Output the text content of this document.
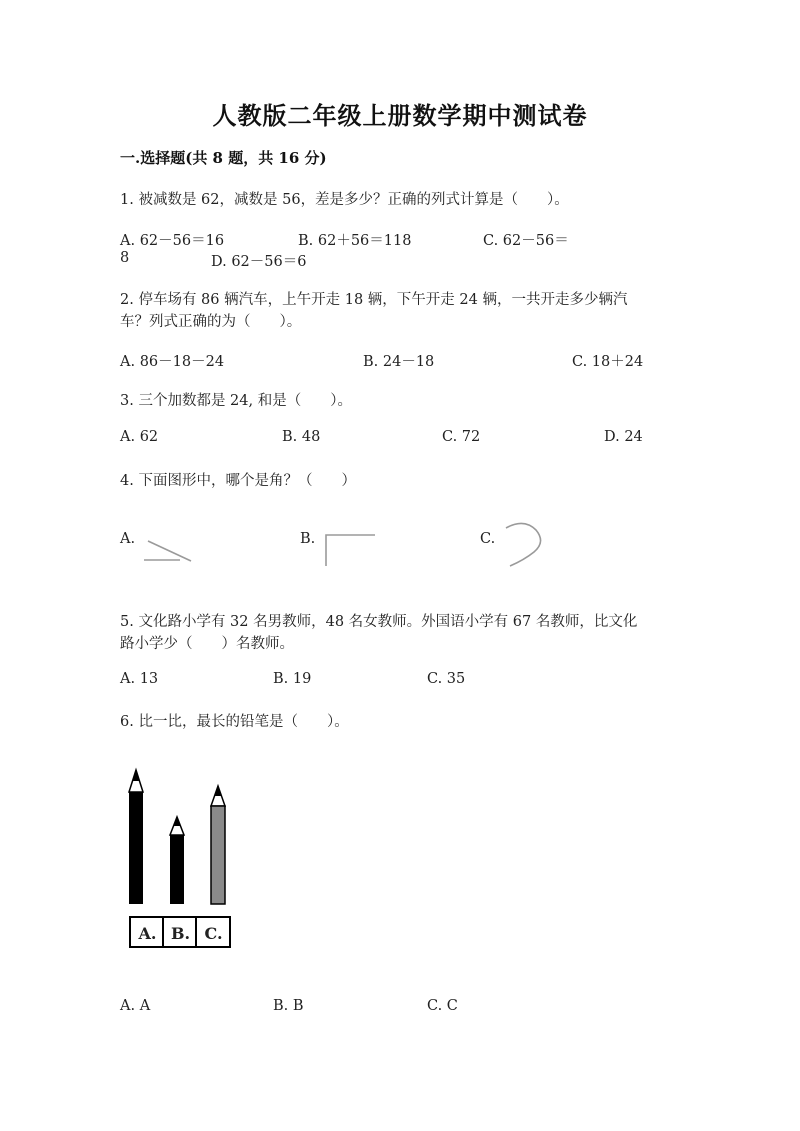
人教版二年级上册数学期中测试卷
一.选择题(共 8 题，共 16 分)
1. 被减数是 62，减数是 56，差是多少？正确的列式计算是（　　）。
A. 62－56＝16	B. 62＋56＝118	C. 62－56＝
8	D. 62－56＝6
2. 停车场有 86 辆汽车，上午开走 18 辆，下午开走 24 辆，一共开走多少辆汽
车？列式正确的为（　　）。
A. 86－18－24	B. 24－18	C. 18＋24
3. 三个加数都是 24, 和是（　　）。
A. 62	B. 48	C. 72	D. 24
4. 下面图形中，哪个是角？（　　）
A.	B.	C.
5. 文化路小学有 32 名男教师，48 名女教师。外国语小学有 67 名教师，比文化
路小学少（　　）名教师。
A. 13	B. 19	C. 35
6. 比一比，最长的铅笔是（　　）。
A. B. C.
A. A	B. B	C. C
